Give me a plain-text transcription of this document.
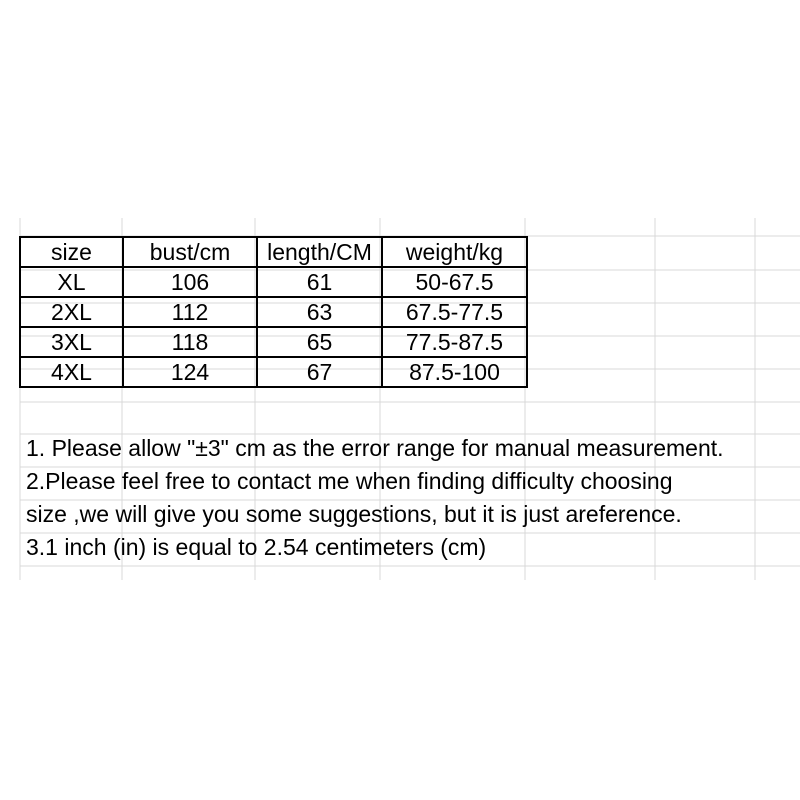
size	bust/cm	length/CM	weight/kg
XL	106	61	50-67.5
2XL	112	63	67.5-77.5
3XL	118	65	77.5-87.5
4XL	124	67	87.5-100
1. Please allow "±3" cm as the error range for manual measurement.
2.Please feel free to contact me when finding difficulty choosing
size ,we will give you some suggestions, but it is just areference.
3.1 inch (in) is equal to 2.54 centimeters (cm)
